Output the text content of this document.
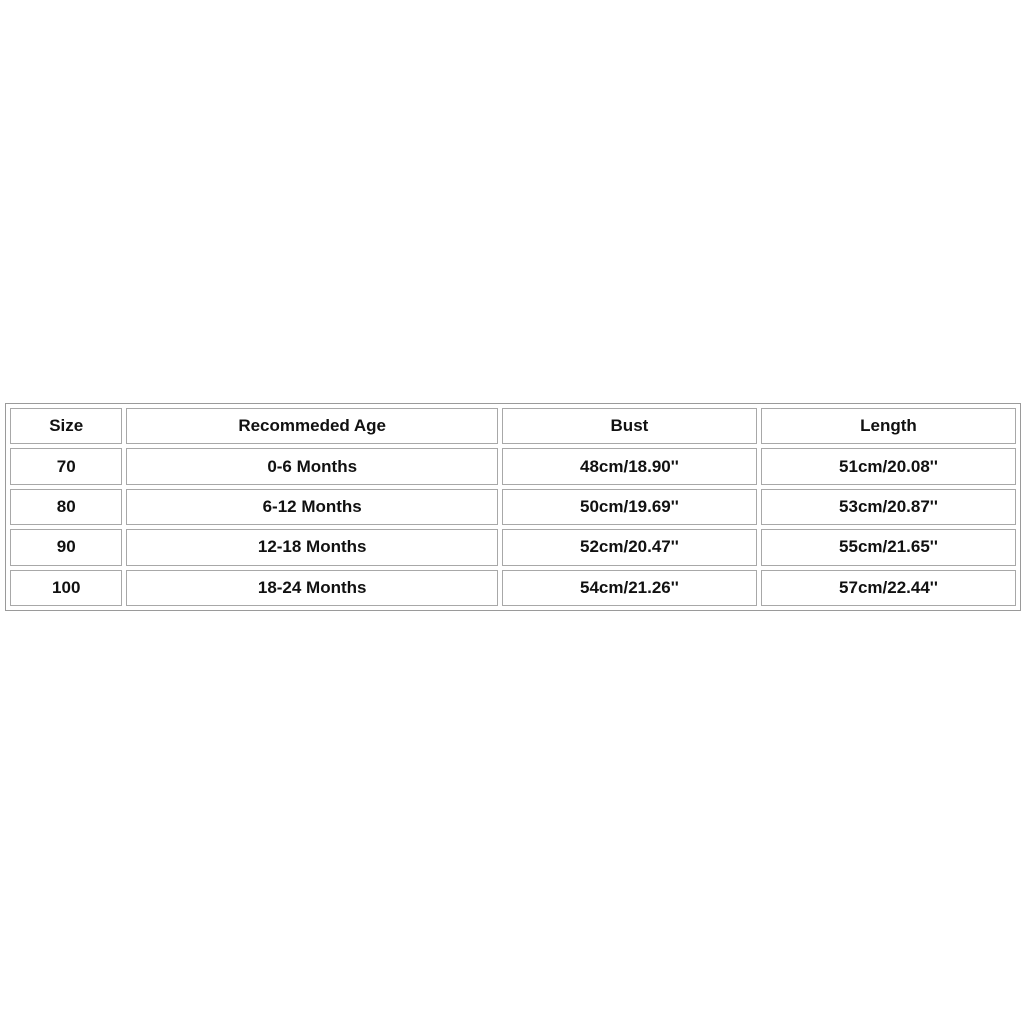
Size	Recommeded Age	Bust	Length
70	0-6 Months	48cm/18.90''	51cm/20.08''
80	6-12 Months	50cm/19.69''	53cm/20.87''
90	12-18 Months	52cm/20.47''	55cm/21.65''
100	18-24 Months	54cm/21.26''	57cm/22.44''
